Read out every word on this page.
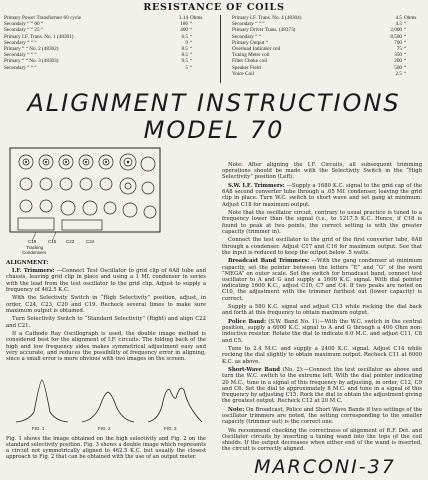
RESISTANCE OF COILS
Primary Power Transformer 60 cycle	3.14 Ohms
Secondary “ “ 60 “	186 “
Secondary “ “ 25 “	400 “
Primary I.F. Trans. No. 1 (48301)	6.5 “
Secondary “ “ “	9 “
Primary “ “ No. 2 (48302)	8.5 “
Secondary “ “ “	8.5 “
Primary “ “ No. 3 (48303)	9.5 “
Secondary “ “ “	5 “
Primary I.F. Trans. No. 4 (48304)	4.5 Ohms
Secondary “ “ “	4.5 “
Primary Driver Trans. (48373)	2,000 “
Secondary “ “	8,500 “
Primary Output “	700 “
Overload Indicator coil	75 “
Tuning Meter coil	350 “
Filter Choke coil	200 “
Speaker Field	500 “
Voice Coil	2.5 “
ALIGNMENT INSTRUCTIONS
MODEL 70
C19	C15
Tracking
Condensers
C23	C24
ALIGNMENT:

I.F. Trimmers: —Connect Test Oscillator to grid clip of 6A8 tube and chassis, leaving grid clip in place and using a 1 Mf. condenser in series with the lead from the test oscillator to the grid clip. Adjust to supply a frequency of 462.5 K.C.

With the Selectivity Switch in “High Selectivity” position, adjust, in order, C24, C23, C20 and C19. Recheck several times to make sure maximum output is obtained.

Turn Selectivity Switch to “Standard Selectivity” (Right) and align C22 and C21.

If a Cathode Ray Oscillograph is used, the double image method is considered best for the alignment of I.F. circuits. The folding back of the high and low frequency sides makes symmetrical adjustment easy and very accurate, and reduces the possibility of frequency error in aligning, since a small error is more obvious with two images on the screen.

FIG. 1	FIG. 2	FIG. 3
Fig. 1 shows the image obtained on the high selectivity and Fig. 2 on the standard selectivity position. Fig. 3 shows a double image which represents a circuit not symmetrically aligned to 462.5 K.C. but usually the closest approach to Fig. 2 that can be obtained with the use of an output meter.

Note: After aligning the I.F. Circuits, all subsequent trimming operations should be made with the Selectivity Switch in the “High Selectivity” position (Left).

S.W. I.F. Trimmers: —Supply a 1680 K.C. signal to the grid cap of the 6A8 second converter tube through a .05 Mf. condenser, leaving the grid clip in place. Turn W.C. switch to short wave and set gang at minimum. Adjust C18 for maximum output.

Note that the oscillator circuit, contrary to usual practice is tuned to a frequency lower than the signal (i.e., to 1217.5 K.C. Hence, if C18 is found to peak at two points, the correct setting is with the greater capacity (trimmer in).

Connect the test oscillator to the grid of the first converter tube, 6A8 through a condenser. Adjust C17 and C16 for maximum output. See that the input is reduced to keep the output below .5 watts.

Broadcast Band Trimmers: —With the gang condenser at minimum capacity, set the pointer between the letters “E” and “G” of the word “MEGA” on outer scale. Set the switch for broadcast band, connect test oscillator to A and G and supply a 1600 K.C. signal. With dial pointer indicating 1600 K.C., adjust C10, C7 and C4. If two peaks are noted on C10, the adjustment with the trimmer farthest out (lower capacity) is correct.

Supply a 580 K.C. signal and adjust C13 while rocking the dial back and forth at this frequency to obtain maximum output.

Police Band: (S.W. Band No. 1):—With the W.C. switch in the central position, supply a 6000 K.C. signal to A and G through a 400 Ohm non-inductive resistor. Rotate the dial to indicate 6.0 M.C. and adjust C11, C8 and C5.

Tune to 2.4 M.C. and supply a 2400 K.C. signal. Adjust C14 while rocking the dial slightly to obtain maximum output. Recheck C11 at 6000 K.C. as above.

Short-Wave Band (No. 2):—Connect the test oscillator as above and turn the W.C. switch to the extreme left. With the dial pointer indicating 20 M.C., tune in a signal of this frequency by adjusting, in order, C12, C9 and C6. Set the dial to approximately 8 M.C. and tune in a signal of this frequency by adjusting C15. Rock the dial to obtain the adjustment giving the greatest output. Recheck C12 at 20 M.C.

Note: On Broadcast, Police and Short Wave Bands if two settings of the oscillator trimmers are noted, the setting corresponding to the smaller capacity (trimmer out) is the correct one.

We recommend checking the correctness of alignment of R.F. Det. and Oscillator circuits by inserting a tuning wand into the tops of the coil shields. If the output decreases when either end of the wand is inserted, the circuit is correctly aligned.

MARCONI-37
